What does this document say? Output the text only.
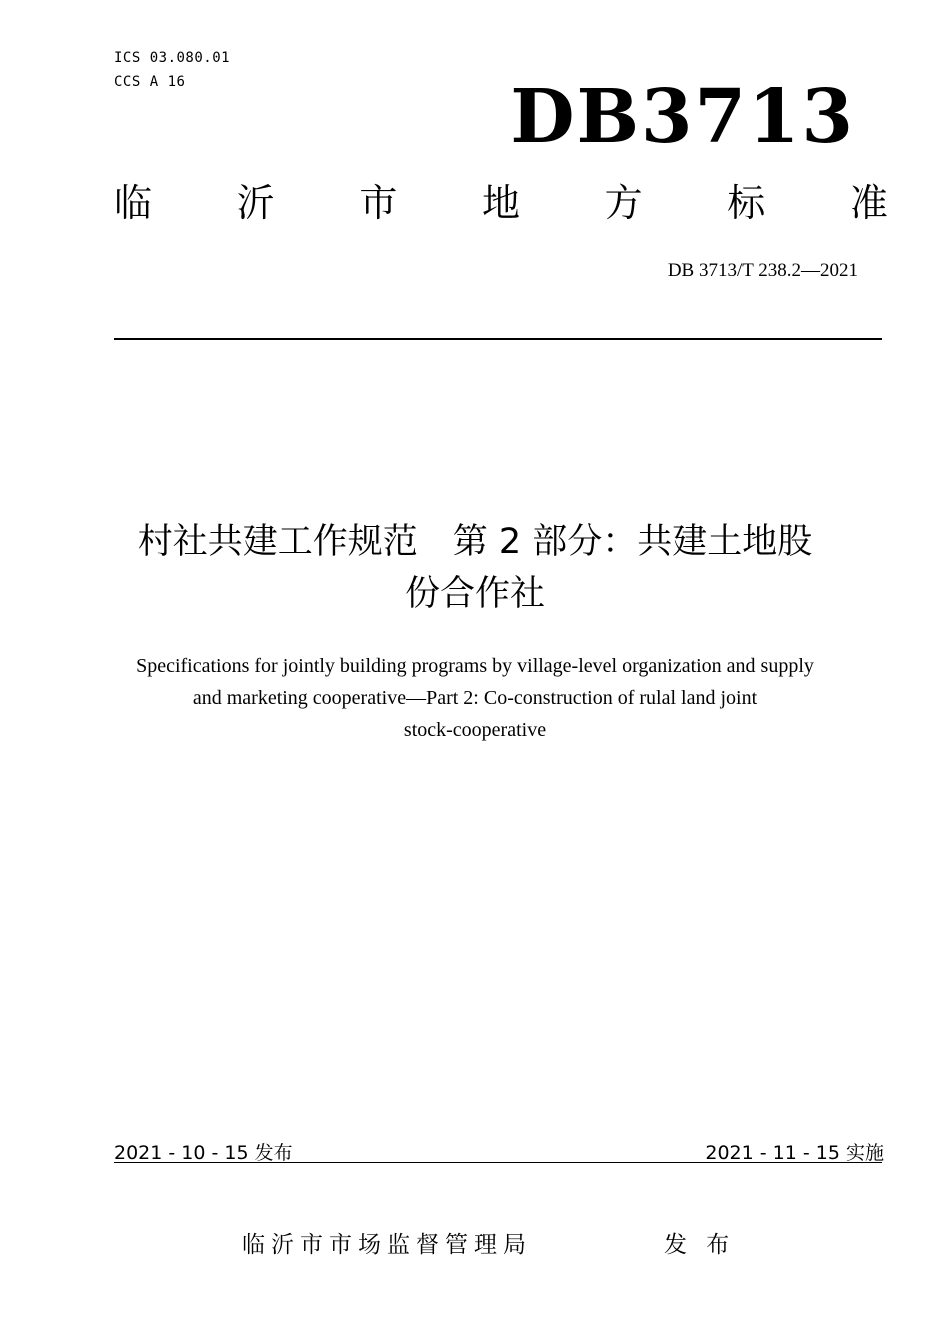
ICS 03.080.01
CCS A 16	DB3713
临 沂 市 地 方 标 准
DB 3713/T 238.2—2021
村社共建工作规范　第 2 部分：共建土地股
份合作社
Specifications for jointly building programs by village-level organization and supply
and marketing cooperative—Part 2: Co-construction of rulal land joint
stock-cooperative
2021 - 10 - 15 发布	2021 - 11 - 15 实施
临沂市市场监督管理局	发 布
